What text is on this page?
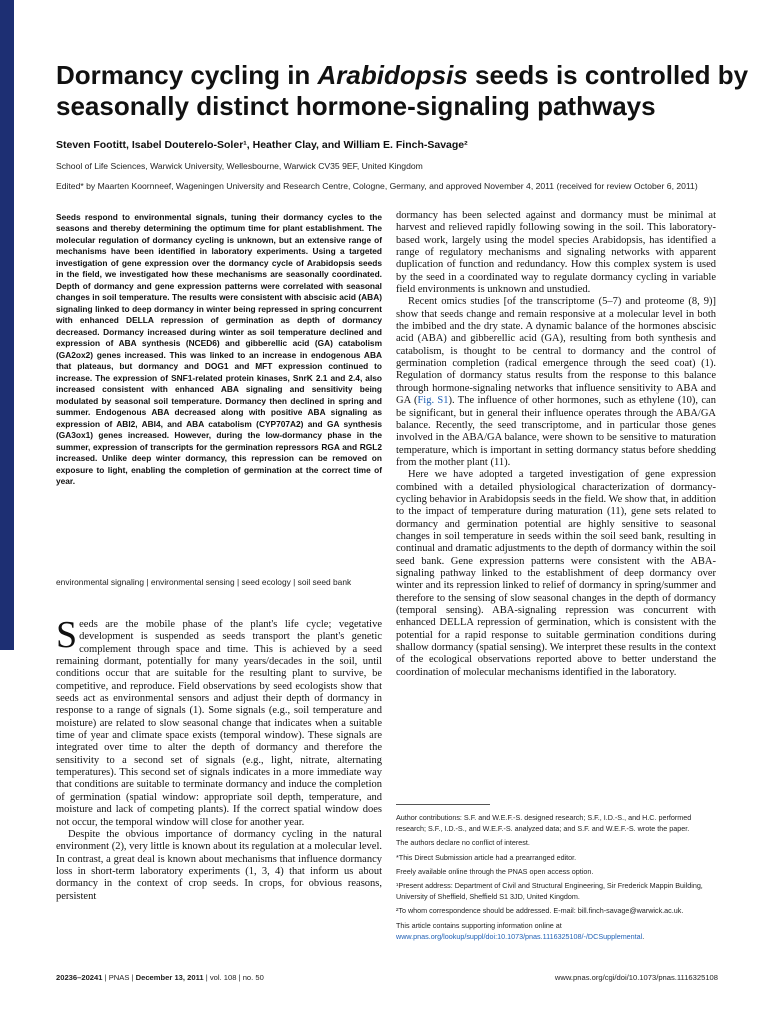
Dormancy cycling in Arabidopsis seeds is controlled by seasonally distinct hormone-signaling pathways
Steven Footitt, Isabel Douterelo-Soler¹, Heather Clay, and William E. Finch-Savage²
School of Life Sciences, Warwick University, Wellesbourne, Warwick CV35 9EF, United Kingdom
Edited* by Maarten Koornneef, Wageningen University and Research Centre, Cologne, Germany, and approved November 4, 2011 (received for review October 6, 2011)
Seeds respond to environmental signals, tuning their dormancy cycles to the seasons and thereby determining the optimum time for plant establishment. The molecular regulation of dormancy cycling is unknown, but an extensive range of mechanisms have been identified in laboratory experiments. Using a targeted investigation of gene expression over the dormancy cycle of Arabidopsis seeds in the field, we investigated how these mechanisms are seasonally coordinated. Depth of dormancy and gene expression patterns were correlated with seasonal changes in soil temperature. The results were consistent with abscisic acid (ABA) signaling linked to deep dormancy in winter being repressed in spring concurrent with enhanced DELLA repression of germination as depth of dormancy decreased. Dormancy increased during winter as soil temperature declined and expression of ABA synthesis (NCED6) and gibberellic acid (GA) catabolism (GA2ox2) genes increased. This was linked to an increase in endogenous ABA that plateaus, but dormancy and DOG1 and MFT expression continued to increase. The expression of SNF1-related protein kinases, SnrK 2.1 and 2.4, also increased consistent with enhanced ABA signaling and sensitivity being modulated by seasonal soil temperature. Dormancy then declined in spring and summer. Endogenous ABA decreased along with positive ABA signaling as expression of ABI2, ABI4, and ABA catabolism (CYP707A2) and GA synthesis (GA3ox1) genes increased. However, during the low-dormancy phase in the summer, expression of transcripts for the germination repressors RGA and RGL2 increased. Unlike deep winter dormancy, this repression can be removed on exposure to light, enabling the completion of germination at the correct time of year.
environmental signaling | environmental sensing | seed ecology | soil seed bank

Seeds are the mobile phase of the plant's life cycle; vegetative development is suspended as seeds transport the plant's genetic complement through space and time. This is achieved by a seed remaining dormant, potentially for many years/decades in the soil, until conditions occur that are suitable for the resulting plant to survive, be competitive, and reproduce. Field observations by seed ecologists show that seeds act as environmental sensors and adjust their depth of dormancy in response to a range of signals (1). Some signals (e.g., soil temperature and moisture) are related to slow seasonal change that indicates when a suitable time of year and climate space exists (temporal window). These signals are integrated over time to alter the depth of dormancy and therefore the sensitivity to a second set of signals (e.g., light, nitrate, alternating temperatures). This second set of signals indicates in a more immediate way that conditions are suitable to terminate dormancy and induce the completion of germination (spatial window: appropriate soil depth, temperature, and moisture and lack of competing plants). If the correct spatial window does not occur, the temporal window will close for another year.

Despite the obvious importance of dormancy cycling in the natural environment (2), very little is known about its regulation at a molecular level. In contrast, a great deal is known about mechanisms that influence dormancy loss in short-term laboratory experiments (1, 3, 4) that inform us about dormancy in the context of crop seeds. In crops, for obvious reasons, persistent

dormancy has been selected against and dormancy must be minimal at harvest and relieved rapidly following sowing in the soil. This laboratory-based work, largely using the model species Arabidopsis, has identified a range of regulatory mechanisms and signaling networks with apparent duplication of function and redundancy. How this complex system is used by the seed in a coordinated way to regulate dormancy cycling in variable field environments is unknown and unstudied.

Recent omics studies [of the transcriptome (5–7) and proteome (8, 9)] show that seeds change and remain responsive at a molecular level in both the imbibed and the dry state. A dynamic balance of the hormones abscisic acid (ABA) and gibberellic acid (GA), resulting from both synthesis and catabolism, is thought to be central to dormancy and the control of germination completion (radical emergence through the seed coat) (1). Regulation of dormancy status results from the response to this balance through hormone-signaling networks that influence sensitivity to ABA and GA (Fig. S1). The influence of other hormones, such as ethylene (10), can be significant, but in general their influence operates through the ABA/GA balance. Recently, the seed transcriptome, and in particular those genes involved in the ABA/GA balance, were shown to be sensitive to maturation temperature, which is important in setting dormancy status before shedding from the mother plant (11).

Here we have adopted a targeted investigation of gene expression combined with a detailed physiological characterization of dormancy-cycling behavior in Arabidopsis seeds in the field. We show that, in addition to the impact of temperature during maturation (11), gene sets related to dormancy and germination potential are highly sensitive to seasonal changes in soil temperature in seeds within the soil seed bank, resulting in continual and dramatic adjustments to the depth of dormancy within the soil seed bank. Gene expression patterns were consistent with the ABA-signaling pathway linked to the establishment of deep dormancy over winter and its repression linked to relief of dormancy in spring/summer and therefore to the sensing of slow seasonal changes in the depth of dormancy (temporal sensing). ABA-signaling repression was concurrent with enhanced DELLA repression of germination, which is consistent with the potential for a rapid response to suitable germination conditions during shallow dormancy (spatial sensing). We interpret these results in the context of the ecological observations reported above to better understand the coordination of molecular mechanisms identified in the laboratory.

Author contributions: S.F. and W.E.F.-S. designed research; S.F., I.D.-S., and H.C. performed research; S.F., I.D.-S., and W.E.F.-S. analyzed data; and S.F. and W.E.F.-S. wrote the paper.

The authors declare no conflict of interest.

*This Direct Submission article had a prearranged editor.

Freely available online through the PNAS open access option.

¹Present address: Department of Civil and Structural Engineering, Sir Frederick Mappin Building, University of Sheffield, Sheffield S1 3JD, United Kingdom.

²To whom correspondence should be addressed. E-mail: bill.finch-savage@warwick.ac.uk.

This article contains supporting information online at www.pnas.org/lookup/suppl/doi:10.1073/pnas.1116325108/-/DCSupplemental.

20236–20241 | PNAS | December 13, 2011 | vol. 108 | no. 50	www.pnas.org/cgi/doi/10.1073/pnas.1116325108
